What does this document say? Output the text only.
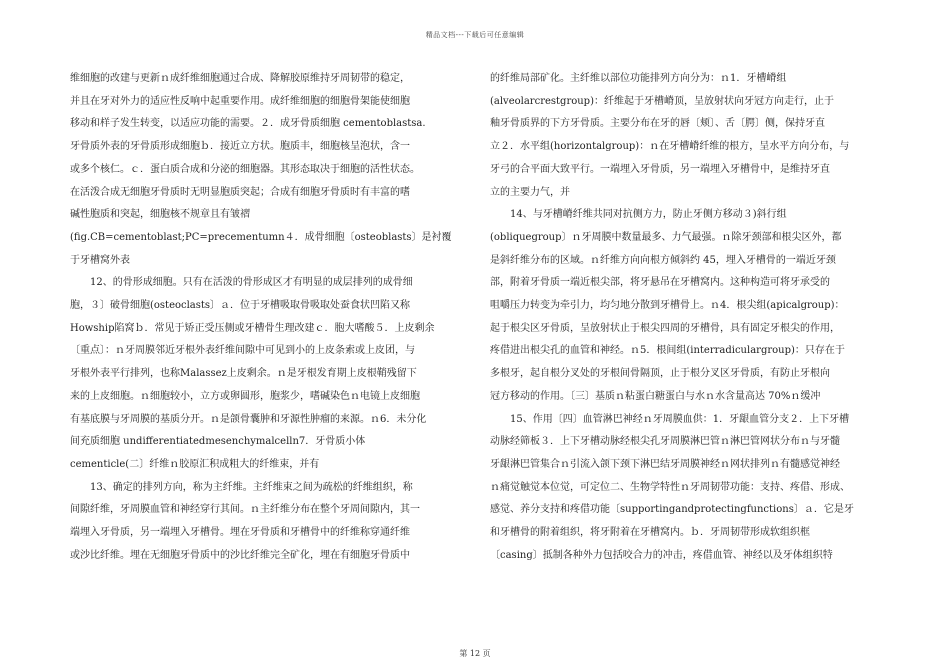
精品文档---下载后可任意编辑
维细胞的改建与更新ｎ成纤维细胞通过合成、降解胶原维持牙周韧带的稳定，
并且在牙对外力的适应性反响中起重要作用。成纤维细胞的细胞骨架能使细胞
移动和样子发生转变，以适应功能的需要。２．成牙骨质细胞 cementoblastsa.
牙骨质外表的牙骨质形成细胞ｂ．接近立方状。胞质丰，细胞核呈泡状，含一
或多个核仁。ｃ．蛋白质合成和分泌的细胞器。其形态取决于细胞的活性状态。
在活泼合成无细胞牙骨质时无明显胞质突起；合成有细胞牙骨质时有丰富的嗜
碱性胞质和突起，细胞核不规章且有皱褶
(fig.CB=cementoblast;PC=precementumn４．成骨细胞〔osteoblasts〕是衬覆
于牙槽窝外表
　　12、的骨形成细胞。只有在活泼的骨形成区才有明显的成层排列的成骨细
胞，３〕破骨细胞(osteoclasts〕ａ．位于牙槽吸取骨吸取处蚕食状凹陷又称
Howship陷窝ｂ．常见于矫正受压侧或牙槽骨生理改建ｃ．胞大嗜酸５．上皮剩余
〔重点〕：ｎ牙周膜邻近牙根外表纤维间隙中可见到小的上皮条索或上皮团，与
牙根外表平行排列，也称Malassez上皮剩余。ｎ是牙根发育期上皮根鞘残留下
来的上皮细胞。ｎ细胞较小，立方或卵圆形，胞浆少，嗜碱染色ｎ电镜上皮细胞
有基底膜与牙周膜的基质分开。ｎ是颌骨囊肿和牙源性肿瘤的来源。ｎ6．未分化
间充质细胞 undifferentiatedmesenchymalcelln7．牙骨质小体
cementicle(二〕纤维ｎ胶原汇积成粗大的纤维束，并有
　　13、确定的排列方向，称为主纤维。主纤维束之间为疏松的纤维组织，称
间隙纤维，牙周膜血管和神经穿行其间。ｎ主纤维分布在整个牙周间隙内，其一
端埋入牙骨质，另一端埋入牙槽骨。埋在牙骨质和牙槽骨中的纤维称穿通纤维
或沙比纤维。埋在无细胞牙骨质中的沙比纤维完全矿化，埋在有细胞牙骨质中
的纤维局部矿化。主纤维以部位功能排列方向分为：ｎ1．牙槽嵴组
(alveolarcrestgroup)：纤维起于牙槽嵴顶，呈放射状向牙冠方向走行，止于
釉牙骨质界的下方牙骨质。主要分布在牙的唇〔颊〕、舌〔腭〕侧，保持牙直
立２．水平组(horizontalgroup)：ｎ在牙槽嵴纤维的根方，呈水平方向分布，与
牙弓的合平面大致平行。一端埋入牙骨质，另一端埋入牙槽骨中，是维持牙直
立的主要力气，并
　　14、与牙槽嵴纤维共同对抗侧方力，防止牙侧方移动３)斜行组
(obliquegroup〕ｎ牙周膜中数量最多、力气最强。ｎ除牙颈部和根尖区外，都
是斜纤维分布的区域。ｎ纤维方向向根方倾斜约 45，埋入牙槽骨的一端近牙颈
部，附着牙骨质一端近根尖部，将牙悬吊在牙槽窝内。这种构造可将牙承受的
咀嚼压力转变为牵引力，均匀地分散到牙槽骨上。ｎ4．根尖组(apicalgroup)：
起于根尖区牙骨质，呈放射状止于根尖四周的牙槽骨，具有固定牙根尖的作用，
疼借进出根尖孔的血管和神经。ｎ5．根间组(interradiculargroup)：只存在于
多根牙，起自根分叉处的牙根间骨隔顶，止于根分叉区牙骨质，有防止牙根向
冠方移动的作用。〔三〕基质ｎ粘蛋白糖蛋白与水ｎ水含量高达 70%ｎ缓冲
　　15、作用〔四〕血管淋巴神经ｎ牙周膜血供：1．牙龈血管分支２．上下牙槽
动脉经筛板３．上下牙槽动脉经根尖孔牙周膜淋巴管ｎ淋巴管网状分布ｎ与牙髓
牙龈淋巴管集合ｎ引流入颌下颈下淋巴结牙周膜神经ｎ网状排列ｎ有髓感觉神经
ｎ痛觉触觉本位觉，可定位二、生物学特性ｎ牙周韧带功能：支持、疼借、形成、
感觉、养分支持和疼借功能〔supportingandprotectingfunctions〕ａ．它是牙
和牙槽骨的附着组织，将牙附着在牙槽窝内。ｂ．牙周韧带形成软组织框
〔casing〕抵制各种外力包括咬合力的冲击，疼借血管、神经以及牙体组织特
第 12 页
